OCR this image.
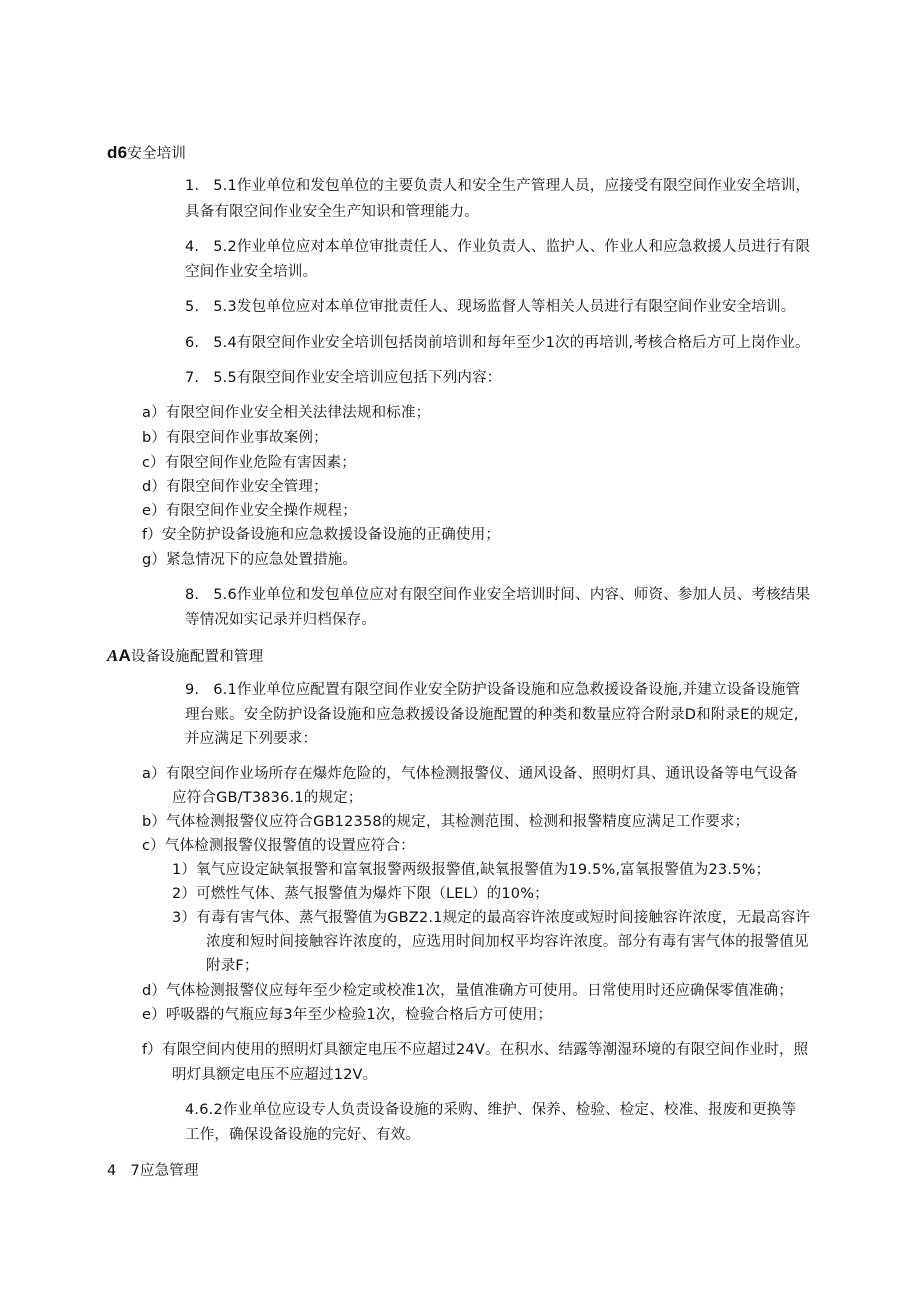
d6安全培训
1. 5.1作业单位和发包单位的主要负责人和安全生产管理人员，应接受有限空间作业安全培训，
具备有限空间作业安全生产知识和管理能力。
4. 5.2作业单位应对本单位审批责任人、作业负责人、监护人、作业人和应急救援人员进行有限
空间作业安全培训。
5. 5.3发包单位应对本单位审批责任人、现场监督人等相关人员进行有限空间作业安全培训。
6. 5.4有限空间作业安全培训包括岗前培训和每年至少1次的再培训,考核合格后方可上岗作业。
7. 5.5有限空间作业安全培训应包括下列内容：
a）有限空间作业安全相关法律法规和标准；
b）有限空间作业事故案例；
c）有限空间作业危险有害因素；
d）有限空间作业安全管理；
e）有限空间作业安全操作规程；
f）安全防护设备设施和应急救援设备设施的正确使用；
g）紧急情况下的应急处置措施。
8. 5.6作业单位和发包单位应对有限空间作业安全培训时间、内容、师资、参加人员、考核结果
等情况如实记录并归档保存。
AA设备设施配置和管理
9. 6.1作业单位应配置有限空间作业安全防护设备设施和应急救援设备设施,并建立设备设施管
理台账。安全防护设备设施和应急救援设备设施配置的种类和数量应符合附录D和附录E的规定,
并应满足下列要求：
a）有限空间作业场所存在爆炸危险的，气体检测报警仪、通风设备、照明灯具、通讯设备等电气设备
应符合GB/T3836.1的规定；
b）气体检测报警仪应符合GB12358的规定，其检测范围、检测和报警精度应满足工作要求；
c）气体检测报警仪报警值的设置应符合：
1）氧气应设定缺氧报警和富氧报警两级报警值,缺氧报警值为19.5%,富氧报警值为23.5%；
2）可燃性气体、蒸气报警值为爆炸下限（LEL）的10%；
3）有毒有害气体、蒸气报警值为GBZ2.1规定的最高容许浓度或短时间接触容许浓度，无最高容许
浓度和短时间接触容许浓度的，应选用时间加权平均容许浓度。部分有毒有害气体的报警值见
附录F；
d）气体检测报警仪应每年至少检定或校准1次，量值准确方可使用。日常使用时还应确保零值准确；
e）呼吸器的气瓶应每3年至少检验1次，检验合格后方可使用；
f）有限空间内使用的照明灯具额定电压不应超过24V。在积水、结露等潮湿环境的有限空间作业时，照
明灯具额定电压不应超过12V。
4.6.2作业单位应设专人负责设备设施的采购、维护、保养、检验、检定、校准、报废和更换等
工作，确保设备设施的完好、有效。
4 7应急管理
